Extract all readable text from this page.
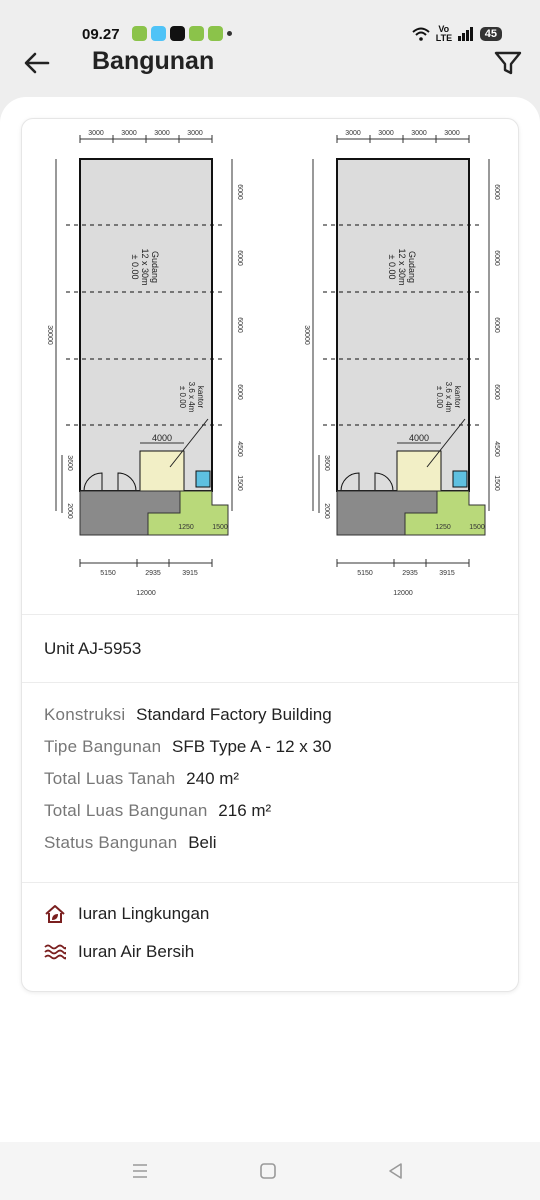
09.27	Vo LTE	45
Bangunan
3000 3000 3000 3000
30000
6000
6000
6000
6000
4500
1500
Gudang
12 x 30m
± 0.00
4000
kantor
3.6 x 4m
± 0.00
1250	1500
3600
2000
5150	2935	3915
12000
Unit AJ-5953
Konstruksi Standard Factory Building
Tipe Bangunan SFB Type A - 12 x 30
Total Luas Tanah 240 m²
Total Luas Bangunan 216 m²
Status Bangunan Beli
Iuran Lingkungan
Iuran Air Bersih
